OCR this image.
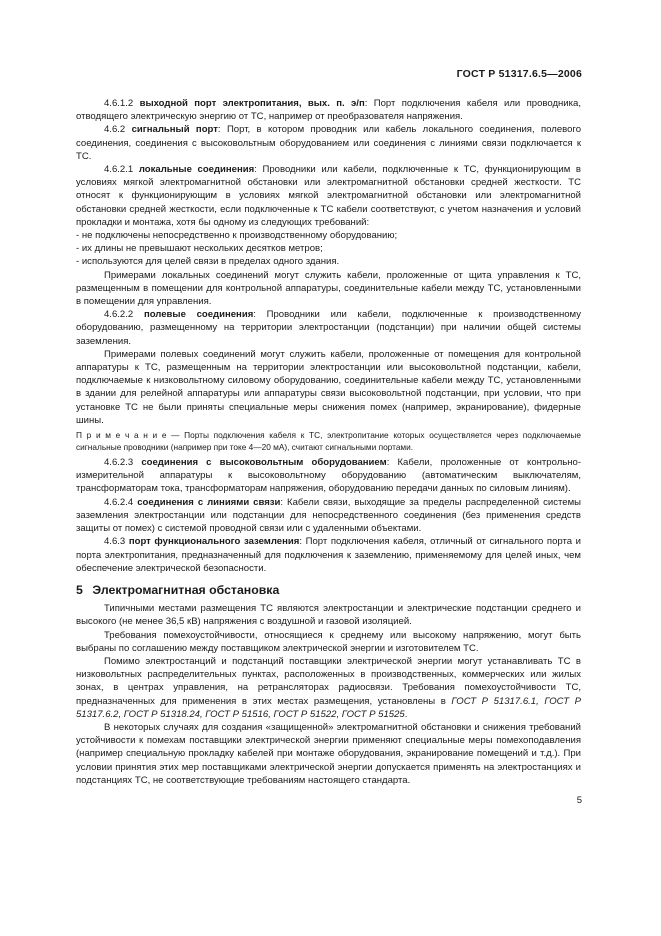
ГОСТ Р 51317.6.5—2006

4.6.1.2 выходной порт электропитания, вых. п. э/п: Порт подключения кабеля или проводника, отводящего электрическую энергию от ТС, например от преобразователя напряжения.

4.6.2 сигнальный порт: Порт, в котором проводник или кабель локального соединения, полевого соединения, соединения с высоковольтным оборудованием или соединения с линиями связи подключается к ТС.

4.6.2.1 локальные соединения: Проводники или кабели, подключенные к ТС, функционирующим в условиях мягкой электромагнитной обстановки или электромагнитной обстановки средней жесткости. ТС относят к функционирующим в условиях мягкой электромагнитной обстановки или электромагнитной обстановки средней жесткости, если подключенные к ТС кабели соответствуют, с учетом назначения и условий прокладки и монтажа, хотя бы одному из следующих требований:

- не подключены непосредственно к производственному оборудованию;

- их длины не превышают нескольких десятков метров;

- используются для целей связи в пределах одного здания.

Примерами локальных соединений могут служить кабели, проложенные от щита управления к ТС, размещенным в помещении для контрольной аппаратуры, соединительные кабели между ТС, установленными в помещении для управления.

4.6.2.2 полевые соединения: Проводники или кабели, подключенные к производственному оборудованию, размещенному на территории электростанции (подстанции) при наличии общей системы заземления.

Примерами полевых соединений могут служить кабели, проложенные от помещения для контрольной аппаратуры к ТС, размещенным на территории электростанции или высоковольтной подстанции, кабели, подключаемые к низковольтному силовому оборудованию, соединительные кабели между ТС, установленными в здании для релейной аппаратуры или аппаратуры связи высоковольтной подстанции, при условии, что при установке ТС не были приняты специальные меры снижения помех (например, экранирование), фидерные шины.

П р и м е ч а н и е — Порты подключения кабеля к ТС, электропитание которых осуществляется через подключаемые сигнальные проводники (например при токе 4—20 мА), считают сигнальными портами.

4.6.2.3 соединения с высоковольтным оборудованием: Кабели, проложенные от контрольно-измерительной аппаратуры к высоковольтному оборудованию (автоматическим выключателям, трансформаторам тока, трансформаторам напряжения, оборудованию передачи данных по силовым линиям).

4.6.2.4 соединения с линиями связи: Кабели связи, выходящие за пределы распределенной системы заземления электростанции или подстанции для непосредственного соединения (без применения средств защиты от помех) с системой проводной связи или с удаленными объектами.

4.6.3 порт функционального заземления: Порт подключения кабеля, отличный от сигнального порта и порта электропитания, предназначенный для подключения к заземлению, применяемому для целей иных, чем обеспечение электрической безопасности.

5 Электромагнитная обстановка

Типичными местами размещения ТС являются электростанции и электрические подстанции среднего и высокого (не менее 36,5 кВ) напряжения с воздушной и газовой изоляцией.

Требования помехоустойчивости, относящиеся к среднему или высокому напряжению, могут быть выбраны по соглашению между поставщиком электрической энергии и изготовителем ТС.

Помимо электростанций и подстанций поставщики электрической энергии могут устанавливать ТС в низковольтных распределительных пунктах, расположенных в производственных, коммерческих или жилых зонах, в центрах управления, на ретрансляторах радиосвязи. Требования помехоустойчивости ТС, предназначенных для применения в этих местах размещения, установлены в ГОСТ Р 51317.6.1, ГОСТ Р 51317.6.2, ГОСТ Р 51318.24, ГОСТ Р 51516, ГОСТ Р 51522, ГОСТ Р 51525.

В некоторых случаях для создания «защищенной» электромагнитной обстановки и снижения требований устойчивости к помехам поставщики электрической энергии применяют специальные меры помехоподавления (например специальную прокладку кабелей при монтаже оборудования, экранирование помещений и т.д.). При условии принятия этих мер поставщиками электрической энергии допускается применять на электростанциях и подстанциях ТС, не соответствующие требованиям настоящего стандарта.

5
